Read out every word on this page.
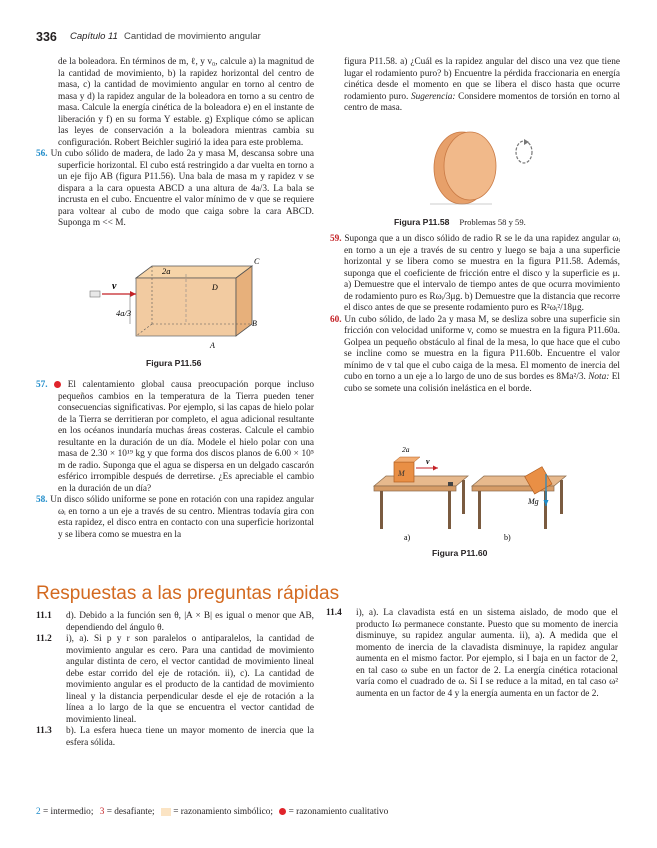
336 Capítulo 11 Cantidad de movimiento angular

de la boleadora. En términos de m, ℓ, y v₀, calcule a) la magnitud de la cantidad de movimiento, b) la rapidez horizontal del centro de masa, c) la cantidad de movimiento angular en torno al centro de masa y d) la rapidez angular de la boleadora en torno a su centro de masa. Calcule la energía cinética de la boleadora e) en el instante de liberación y f) en su forma Y estable. g) Explique cómo se aplican las leyes de conservación a la boleadora mientras cambia su configuración. Robert Beichler sugirió la idea para este problema.

56. Un cubo sólido de madera, de lado 2a y masa M, descansa sobre una superficie horizontal. El cubo está restringido a dar vuelta en torno a un eje fijo AB (figura P11.56). Una bala de masa m y rapidez v se dispara a la cara opuesta ABCD a una altura de 4a/3. La bala se incrusta en el cubo. Encuentre el valor mínimo de v que se requiere para voltear al cubo de modo que caiga sobre la cara ABCD. Suponga m << M.

v
4a/3
2a
C
D
B
A
Figura P11.56

57. El calentamiento global causa preocupación porque incluso pequeños cambios en la temperatura de la Tierra pueden tener consecuencias significativas. Por ejemplo, si las capas de hielo polar de la Tierra se derritieran por completo, el agua adicional resultante en los océanos inundaría muchas áreas costeras. Calcule el cambio resultante en la duración de un día. Modele el hielo polar con una masa de 2.30 × 10¹⁹ kg y que forma dos discos planos de 6.00 × 10⁵ m de radio. Suponga que el agua se dispersa en un delgado cascarón esférico irrompible después de derretirse. ¿Es apreciable el cambio en la duración de un día?

58. Un disco sólido uniforme se pone en rotación con una rapidez angular ωᵢ en torno a un eje a través de su centro. Mientras todavía gira con esta rapidez, el disco entra en contacto con una superficie horizontal y se libera como se muestra en la

figura P11.58. a) ¿Cuál es la rapidez angular del disco una vez que tiene lugar el rodamiento puro? b) Encuentre la pérdida fraccionaria en energía cinética desde el momento en que se libera el disco hasta que ocurre rodamiento puro. Sugerencia: Considere momentos de torsión en torno al centro de masa.

Figura P11.58 Problemas 58 y 59.

59. Suponga que a un disco sólido de radio R se le da una rapidez angular ωᵢ en torno a un eje a través de su centro y luego se baja a una superficie horizontal y se libera como se muestra en la figura P11.58. Además, suponga que el coeficiente de fricción entre el disco y la superficie es μ. a) Demuestre que el intervalo de tiempo antes de que ocurra movimiento de rodamiento puro es Rωᵢ/3μg. b) Demuestre que la distancia que recorre el disco antes de que se presente rodamiento puro es R²ωᵢ²/18μg.

60. Un cubo sólido, de lado 2a y masa M, se desliza sobre una superficie sin fricción con velocidad uniforme v, como se muestra en la figura P11.60a. Golpea un pequeño obstáculo al final de la mesa, lo que hace que el cubo se incline como se muestra en la figura P11.60b. Encuentre el valor mínimo de v tal que el cubo caiga de la mesa. El momento de inercia del cubo en torno a un eje a lo largo de uno de sus bordes es 8Ma²/3. Nota: El cubo se somete una colisión inelástica en el borde.

M
2a
v
a)
Mg
b)
Figura P11.60
Respuestas a las preguntas rápidas
11.1 d). Debido a la función sen θ, |A × B| es igual o menor que AB, dependiendo del ángulo θ.
11.2 i), a). Si p y r son paralelos o antiparalelos, la cantidad de movimiento angular es cero. Para una cantidad de movimiento angular distinta de cero, el vector cantidad de movimiento lineal debe estar corrido del eje de rotación. ii), c). La cantidad de movimiento angular es el producto de la cantidad de movimiento lineal y la distancia perpendicular desde el eje de rotación a la línea a lo largo de la que se encuentra el vector cantidad de movimiento lineal.
11.3 b). La esfera hueca tiene un mayor momento de inercia que la esfera sólida.
11.4 i), a). La clavadista está en un sistema aislado, de modo que el producto Iω permanece constante. Puesto que su momento de inercia disminuye, su rapidez angular aumenta. ii), a). A medida que el momento de inercia de la clavadista disminuye, la rapidez angular aumenta en el mismo factor. Por ejemplo, si I baja en un factor de 2, en tal caso ω sube en un factor de 2. La energía cinética rotacional varía como el cuadrado de ω. Si I se reduce a la mitad, en tal caso ω² aumenta en un factor de 4 y la energía aumenta en un factor de 2.
2 = intermedio; 3 = desafiante;  = razonamiento simbólico;  = razonamiento cualitativo
